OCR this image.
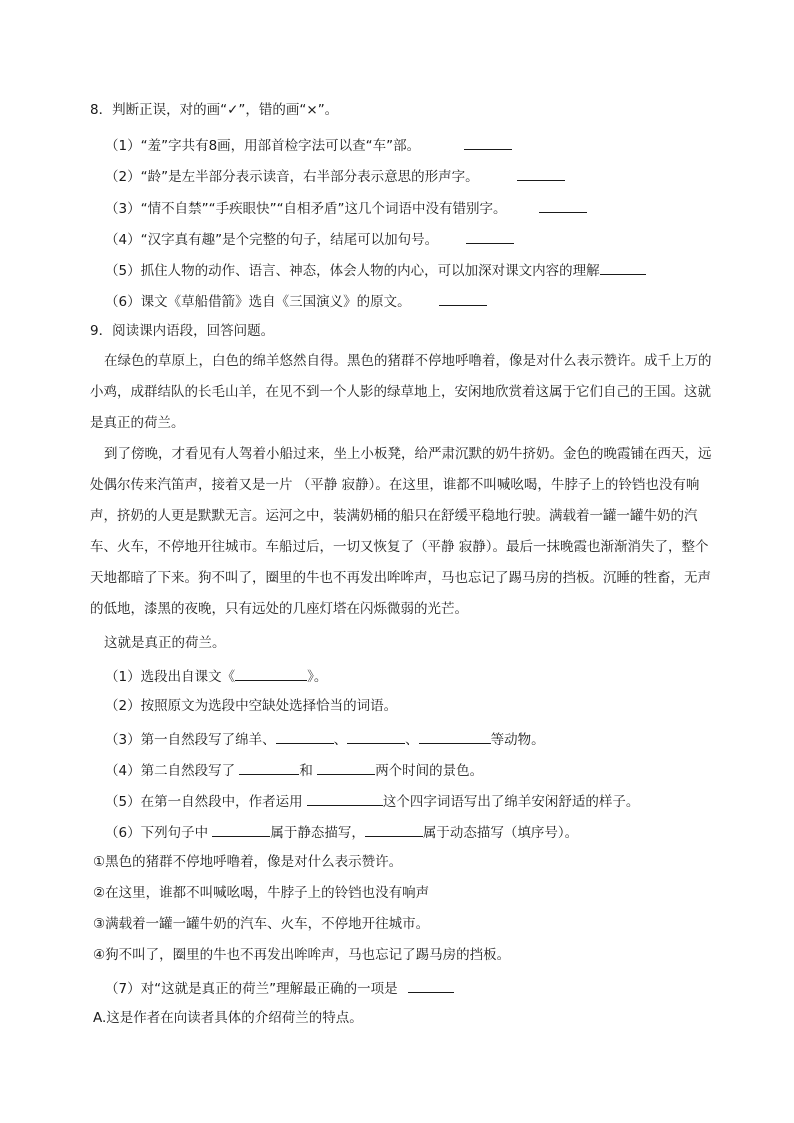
8．判断正误，对的画“✓”，错的画“×”。
（1）“羞”字共有8画，用部首检字法可以查“车”部。
（2）“龄”是左半部分表示读音，右半部分表示意思的形声字。
（3）“情不自禁”“手疾眼快”“自相矛盾”这几个词语中没有错别字。
（4）“汉字真有趣”是个完整的句子，结尾可以加句号。
（5）抓住人物的动作、语言、神态，体会人物的内心，可以加深对课文内容的理解
（6）课文《草船借箭》选自《三国演义》的原文。
9．阅读课内语段，回答问题。
在绿色的草原上，白色的绵羊悠然自得。黑色的猪群不停地呼噜着，像是对什么表示赞许。成千上万的小鸡，成群结队的长毛山羊，在见不到一个人影的绿草地上，安闲地欣赏着这属于它们自己的王国。这就是真正的荷兰。
到了傍晚，才看见有人驾着小船过来，坐上小板凳，给严肃沉默的奶牛挤奶。金色的晚霞铺在西天，远处偶尔传来汽笛声，接着又是一片 （平静 寂静）。在这里，谁都不叫喊吆喝，牛脖子上的铃铛也没有响声，挤奶的人更是默默无言。运河之中，装满奶桶的船只在舒缓平稳地行驶。满载着一罐一罐牛奶的汽车、火车，不停地开往城市。车船过后，一切又恢复了（平静 寂静）。最后一抹晚霞也渐渐消失了，整个天地都暗了下来。狗不叫了，圈里的牛也不再发出哞哞声，马也忘记了踢马房的挡板。沉睡的牲畜，无声的低地，漆黑的夜晚，只有远处的几座灯塔在闪烁微弱的光芒。
这就是真正的荷兰。
（1）选段出自课文《	》。
（2）按照原文为选段中空缺处选择恰当的词语。
（3）第一自然段写了绵羊、	、	、	等动物。
（4）第二自然段写了	和	两个时间的景色。
（5）在第一自然段中，作者运用	这个四字词语写出了绵羊安闲舒适的样子。
（6）下列句子中	属于静态描写，	属于动态描写（填序号）。
①黑色的猪群不停地呼噜着，像是对什么表示赞许。
②在这里，谁都不叫喊吆喝，牛脖子上的铃铛也没有响声
③满载着一罐一罐牛奶的汽车、火车，不停地开往城市。
④狗不叫了，圈里的牛也不再发出哞哞声，马也忘记了踢马房的挡板。
（7）对“这就是真正的荷兰”理解最正确的一项是
A.这是作者在向读者具体的介绍荷兰的特点。
